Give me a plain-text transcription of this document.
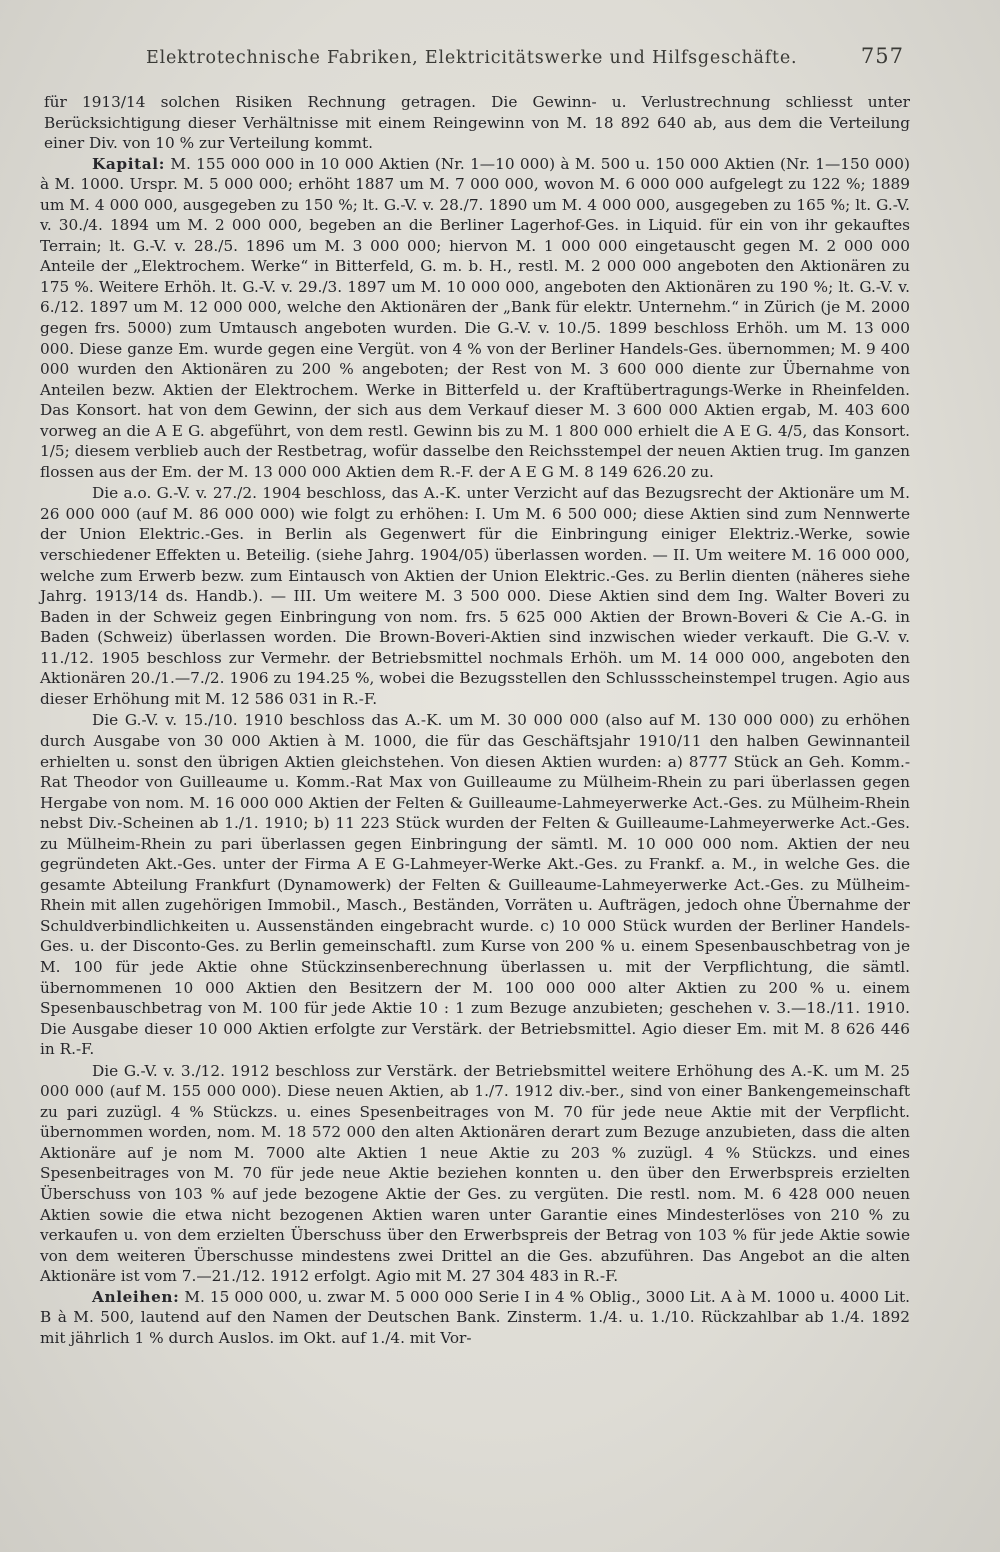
Elektrotechnische Fabriken, Elektricitätswerke und Hilfsgeschäfte.	757

für 1913/14 solchen Risiken Rechnung getragen. Die Gewinn- u. Verlustrechnung schliesst unter Berücksichtigung dieser Verhältnisse mit einem Reingewinn von M. 18 892 640 ab, aus dem die Verteilung einer Div. von 10 % zur Verteilung kommt.

Kapital: M. 155 000 000 in 10 000 Aktien (Nr. 1—10 000) à M. 500 u. 150 000 Aktien (Nr. 1—150 000) à M. 1000. Urspr. M. 5 000 000; erhöht 1887 um M. 7 000 000, wovon M. 6 000 000 aufgelegt zu 122 %; 1889 um M. 4 000 000, ausgegeben zu 150 %; lt. G.-V. v. 28./7. 1890 um M. 4 000 000, ausgegeben zu 165 %; lt. G.-V. v. 30./4. 1894 um M. 2 000 000, begeben an die Berliner Lagerhof-Ges. in Liquid. für ein von ihr gekauftes Terrain; lt. G.-V. v. 28./5. 1896 um M. 3 000 000; hiervon M. 1 000 000 eingetauscht gegen M. 2 000 000 Anteile der „Elektrochem. Werke“ in Bitterfeld, G. m. b. H., restl. M. 2 000 000 angeboten den Aktionären zu 175 %. Weitere Erhöh. lt. G.-V. v. 29./3. 1897 um M. 10 000 000, angeboten den Aktionären zu 190 %; lt. G.-V. v. 6./12. 1897 um M. 12 000 000, welche den Aktionären der „Bank für elektr. Unternehm.“ in Zürich (je M. 2000 gegen frs. 5000) zum Umtausch angeboten wurden. Die G.-V. v. 10./5. 1899 beschloss Erhöh. um M. 13 000 000. Diese ganze Em. wurde gegen eine Vergüt. von 4 % von der Berliner Handels-Ges. übernommen; M. 9 400 000 wurden den Aktionären zu 200 % angeboten; der Rest von M. 3 600 000 diente zur Übernahme von Anteilen bezw. Aktien der Elektrochem. Werke in Bitterfeld u. der Kraftübertragungs-Werke in Rheinfelden. Das Konsort. hat von dem Gewinn, der sich aus dem Verkauf dieser M. 3 600 000 Aktien ergab, M. 403 600 vorweg an die A E G. abgeführt, von dem restl. Gewinn bis zu M. 1 800 000 erhielt die A E G. 4/5, das Konsort. 1/5; diesem verblieb auch der Restbetrag, wofür dasselbe den Reichsstempel der neuen Aktien trug. Im ganzen flossen aus der Em. der M. 13 000 000 Aktien dem R.-F. der A E G M. 8 149 626.20 zu.

Die a.o. G.-V. v. 27./2. 1904 beschloss, das A.-K. unter Verzicht auf das Bezugsrecht der Aktionäre um M. 26 000 000 (auf M. 86 000 000) wie folgt zu erhöhen: I. Um M. 6 500 000; diese Aktien sind zum Nennwerte der Union Elektric.-Ges. in Berlin als Gegenwert für die Einbringung einiger Elektriz.-Werke, sowie verschiedener Effekten u. Beteilig. (siehe Jahrg. 1904/05) überlassen worden. — II. Um weitere M. 16 000 000, welche zum Erwerb bezw. zum Eintausch von Aktien der Union Elektric.-Ges. zu Berlin dienten (näheres siehe Jahrg. 1913/14 ds. Handb.). — III. Um weitere M. 3 500 000. Diese Aktien sind dem Ing. Walter Boveri zu Baden in der Schweiz gegen Einbringung von nom. frs. 5 625 000 Aktien der Brown-Boveri & Cie A.-G. in Baden (Schweiz) überlassen worden. Die Brown-Boveri-Aktien sind inzwischen wieder verkauft. Die G.-V. v. 11./12. 1905 beschloss zur Vermehr. der Betriebsmittel nochmals Erhöh. um M. 14 000 000, angeboten den Aktionären 20./1.—7./2. 1906 zu 194.25 %, wobei die Bezugsstellen den Schlussscheinstempel trugen. Agio aus dieser Erhöhung mit M. 12 586 031 in R.-F.

Die G.-V. v. 15./10. 1910 beschloss das A.-K. um M. 30 000 000 (also auf M. 130 000 000) zu erhöhen durch Ausgabe von 30 000 Aktien à M. 1000, die für das Geschäftsjahr 1910/11 den halben Gewinnanteil erhielten u. sonst den übrigen Aktien gleichstehen. Von diesen Aktien wurden: a) 8777 Stück an Geh. Komm.-Rat Theodor von Guilleaume u. Komm.-Rat Max von Guilleaume zu Mülheim-Rhein zu pari überlassen gegen Hergabe von nom. M. 16 000 000 Aktien der Felten & Guilleaume-Lahmeyerwerke Act.-Ges. zu Mülheim-Rhein nebst Div.-Scheinen ab 1./1. 1910; b) 11 223 Stück wurden der Felten & Guilleaume-Lahmeyerwerke Act.-Ges. zu Mülheim-Rhein zu pari überlassen gegen Einbringung der sämtl. M. 10 000 000 nom. Aktien der neu gegründeten Akt.-Ges. unter der Firma A E G-Lahmeyer-Werke Akt.-Ges. zu Frankf. a. M., in welche Ges. die gesamte Abteilung Frankfurt (Dynamowerk) der Felten & Guilleaume-Lahmeyerwerke Act.-Ges. zu Mülheim-Rhein mit allen zugehörigen Immobil., Masch., Beständen, Vorräten u. Aufträgen, jedoch ohne Übernahme der Schuldverbindlichkeiten u. Aussenständen eingebracht wurde. c) 10 000 Stück wurden der Berliner Handels-Ges. u. der Disconto-Ges. zu Berlin gemeinschaftl. zum Kurse von 200 % u. einem Spesenbauschbetrag von je M. 100 für jede Aktie ohne Stückzinsenberechnung überlassen u. mit der Verpflichtung, die sämtl. übernommenen 10 000 Aktien den Besitzern der M. 100 000 000 alter Aktien zu 200 % u. einem Spesenbauschbetrag von M. 100 für jede Aktie 10 : 1 zum Bezuge anzubieten; geschehen v. 3.—18./11. 1910. Die Ausgabe dieser 10 000 Aktien erfolgte zur Verstärk. der Betriebsmittel. Agio dieser Em. mit M. 8 626 446 in R.-F.

Die G.-V. v. 3./12. 1912 beschloss zur Verstärk. der Betriebsmittel weitere Erhöhung des A.-K. um M. 25 000 000 (auf M. 155 000 000). Diese neuen Aktien, ab 1./7. 1912 div.-ber., sind von einer Bankengemeinschaft zu pari zuzügl. 4 % Stückzs. u. eines Spesenbeitrages von M. 70 für jede neue Aktie mit der Verpflicht. übernommen worden, nom. M. 18 572 000 den alten Aktionären derart zum Bezuge anzubieten, dass die alten Aktionäre auf je nom M. 7000 alte Aktien 1 neue Aktie zu 203 % zuzügl. 4 % Stückzs. und eines Spesenbeitrages von M. 70 für jede neue Aktie beziehen konnten u. den über den Erwerbspreis erzielten Überschuss von 103 % auf jede bezogene Aktie der Ges. zu vergüten. Die restl. nom. M. 6 428 000 neuen Aktien sowie die etwa nicht bezogenen Aktien waren unter Garantie eines Mindesterlöses von 210 % zu verkaufen u. von dem erzielten Überschuss über den Erwerbspreis der Betrag von 103 % für jede Aktie sowie von dem weiteren Überschusse mindestens zwei Drittel an die Ges. abzuführen. Das Angebot an die alten Aktionäre ist vom 7.—21./12. 1912 erfolgt. Agio mit M. 27 304 483 in R.-F.

Anleihen: M. 15 000 000, u. zwar M. 5 000 000 Serie I in 4 % Oblig., 3000 Lit. A à M. 1000 u. 4000 Lit. B à M. 500, lautend auf den Namen der Deutschen Bank. Zinsterm. 1./4. u. 1./10. Rückzahlbar ab 1./4. 1892 mit jährlich 1 % durch Auslos. im Okt. auf 1./4. mit Vor-
